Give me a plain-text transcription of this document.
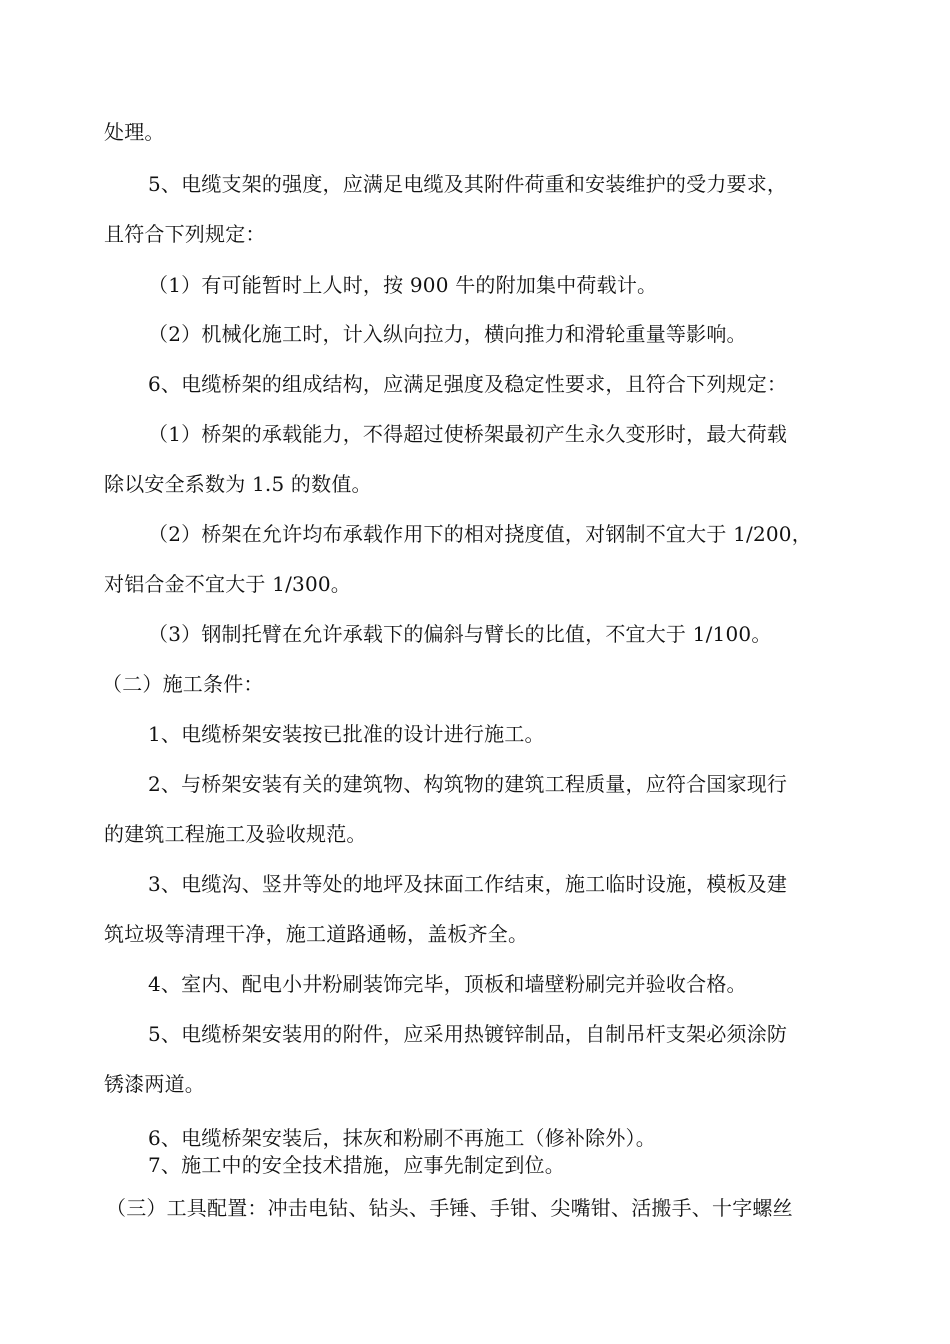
处理。
5、电缆支架的强度，应满足电缆及其附件荷重和安装维护的受力要求，
且符合下列规定：
（1）有可能暂时上人时，按 900 牛的附加集中荷载计。
（2）机械化施工时，计入纵向拉力，横向推力和滑轮重量等影响。
6、电缆桥架的组成结构，应满足强度及稳定性要求，且符合下列规定：
（1）桥架的承载能力，不得超过使桥架最初产生永久变形时，最大荷载
除以安全系数为 1.5 的数值。
（2）桥架在允许均布承载作用下的相对挠度值，对钢制不宜大于 1/200，
对铝合金不宜大于 1/300。
（3）钢制托臂在允许承载下的偏斜与臂长的比值，不宜大于 1/100。
（二）施工条件：
1、电缆桥架安装按已批准的设计进行施工。
2、与桥架安装有关的建筑物、构筑物的建筑工程质量，应符合国家现行
的建筑工程施工及验收规范。
3、电缆沟、竖井等处的地坪及抹面工作结束，施工临时设施，模板及建
筑垃圾等清理干净，施工道路通畅，盖板齐全。
4、室内、配电小井粉刷装饰完毕，顶板和墙壁粉刷完并验收合格。
5、电缆桥架安装用的附件，应采用热镀锌制品，自制吊杆支架必须涂防
锈漆两道。
6、电缆桥架安装后，抹灰和粉刷不再施工（修补除外）。
7、施工中的安全技术措施，应事先制定到位。
（三）工具配置：冲击电钻、钻头、手锤、手钳、尖嘴钳、活搬手、十字螺丝
